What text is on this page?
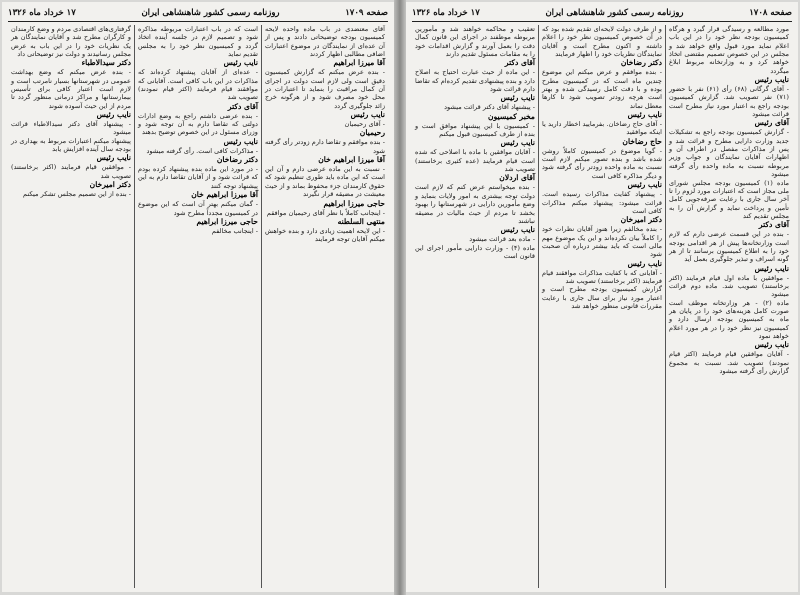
صفحه ۱۷۰۹
روزنامه رسمی کشور شاهنشاهی ایران
۱۷ خرداد ماه ۱۳۲۶

آقای معتضدی در باب ماده واحده لایحه کمیسیون بودجه توضیحاتی دادند و پس از آن عده‌ای از نمایندگان در موضوع اعتبارات اضافی مطالبی اظهار کردند

آقا میرزا ابراهیم

- بنده عرض میکنم که گزارش کمیسیون دقیق است ولی لازم است دولت در اجرای آن کمال مراقبت را بنماید تا اعتبارات در محل خود مصرف شود و از هرگونه خرج زائد جلوگیری گردد

نایب رئیس

- آقای رحیمیان

رحیمیان

- بنده موافقم و تقاضا دارم زودتر رأی گرفته شود

آقا میرزا ابراهیم خان

- نسبت به این ماده عرضی دارم و آن این است که این ماده باید طوری تنظیم شود که حقوق کارمندان جزء محفوظ بماند و از حیث معیشت در مضیقه قرار نگیرند

حاجی میرزا ابراهیم

- اینجانب کاملاً با نظر آقای رحیمیان موافقم

منتهی السلطنه

- این لایحه اهمیت زیادی دارد و بنده خواهش میکنم آقایان توجه فرمایند

است که در باب اعتبارات مربوطه مذاکره شود و تصمیم لازم در جلسه آینده اتخاذ گردد و کمیسیون نظر خود را به مجلس تقدیم نماید

نایب رئیس

- عده‌ای از آقایان پیشنهاد کرده‌اند که مذاکرات در این باب کافی است. آقایانی که موافقند قیام فرمایند (اکثر قیام نمودند) تصویب شد

آقای دکتر

- بنده عرضی داشتم راجع به وضع ادارات دولتی که تقاضا دارم به آن توجه شود و وزرای مسئول در این خصوص توضیح بدهند

نایب رئیس

- مذاکرات کافی است. رأی گرفته میشود

دکتر رضاخان

- در مورد این ماده بنده پیشنهاد کرده بودم که قرائت شود و از آقایان تقاضا دارم به این پیشنهاد توجه کنند

آقا میرزا ابراهیم خان

- گمان میکنم بهتر آن است که این موضوع در کمیسیون مجدداً مطرح شود

حاجی میرزا ابراهیم

- اینجانب مخالفم

گرفتاری‌های اقتصادی مردم و وضع کارمندان و کارگران مطرح شد و آقایان نمایندگان هر یک نظریات خود را در این باب به عرض مجلس رسانیدند و دولت نیز توضیحاتی داد

دکتر سیدالاطباء

- بنده عرض میکنم که وضع بهداشت عمومی در شهرستانها بسیار نامرتب است و لازم است اعتبار کافی برای تأسیس بیمارستانها و مراکز درمانی منظور گردد تا مردم از این حیث آسوده شوند

نایب رئیس

- پیشنهاد آقای دکتر سیدالاطباء قرائت میشود

پیشنهاد میکنم اعتبارات مربوط به بهداری در بودجه سال آینده افزایش یابد

نایب رئیس

- موافقین قیام فرمایند (اکثر برخاستند) تصویب شد

دکتر امیرخان

- بنده از این تصمیم مجلس تشکر میکنم

صفحه ۱۷۰۸
روزنامه رسمی کشور شاهنشاهی ایران
۱۷ خرداد ماه ۱۳۲۶

مورد مطالعه و رسیدگی قرار گیرد و هرگاه کمیسیون بودجه نظر خود را در این باب اعلام نماید مورد قبول واقع خواهد شد و مجلس در این خصوص تصمیم مقتضی اتخاذ خواهد کرد و به وزارتخانه مربوط ابلاغ میگردد

نایب رئیس

- آقای گرگانی (۶۸) رأی (۶۱) نفر با حضور (۷۱) نفر تصویب شد. گزارش کمیسیون بودجه راجع به اعتبار مورد نیاز مطرح است قرائت میشود

آقای رئیس

- گزارش کمیسیون بودجه راجع به تشکیلات جدید وزارت دارایی مطرح و قرائت شد و پس از مذاکرات مفصل در اطراف آن و اظهارات آقایان نمایندگان و جواب وزیر مربوطه نسبت به ماده واحده رأی گرفته میشود

ماده (۱) کمیسیون بودجه مجلس شورای ملی مجاز است که اعتبارات مورد لزوم را تا آخر سال جاری با رعایت صرفه‌جویی کامل تأمین و پرداخت نماید و گزارش آن را به مجلس تقدیم کند

آقای دکتر

- بنده در این قسمت عرضی دارم که لازم است وزارتخانه‌ها پیش از هر اقدامی بودجه خود را به اطلاع کمیسیون برسانند تا از هر گونه اسراف و تبذیر جلوگیری بعمل آید

نایب رئیس

- موافقین با ماده اول قیام فرمایند (اکثر برخاستند) تصویب شد. ماده دوم قرائت میشود

ماده (۲) - هر وزارتخانه موظف است صورت کامل هزینه‌های خود را در پایان هر ماه به کمیسیون بودجه ارسال دارد و کمیسیون نیز نظر خود را در هر مورد اعلام خواهد نمود

نایب رئیس

- آقایان موافقین قیام فرمایند (اکثر قیام نمودند) تصویب شد. نسبت به مجموع گزارش رأی گرفته میشود

و از طرف دولت لایحه‌ای تقدیم شده بود که در آن خصوص کمیسیون نظر خود را اعلام داشته و اکنون مطرح است و آقایان نمایندگان نظریات خود را اظهار فرمایند

دکتر رضاخان

- بنده موافقم و عرض میکنم این موضوع چندین ماه است که در کمیسیون مطرح بوده و با دقت کامل رسیدگی شده و بهتر است هرچه زودتر تصویب شود تا کارها معطل نماند

نایب رئیس

- آقای حاج رضاخان. بفرمایید اخطار دارید یا اینکه موافقید

حاج رضاخان

- گویا موضوع در کمیسیون کاملاً روشن شده باشد و بنده تصور میکنم لازم است نسبت به ماده واحده زودتر رأی گرفته شود و دیگر مذاکره کافی است

نایب رئیس

- پیشنهاد کفایت مذاکرات رسیده است. قرائت میشود: پیشنهاد میکنم مذاکرات کافی است

دکتر امیرخان

- بنده مخالفم زیرا هنوز آقایان نظرات خود را کاملاً بیان نکرده‌اند و این یک موضوع مهم مالی است که باید بیشتر درباره آن صحبت شود

نایب رئیس

- آقایانی که با کفایت مذاکرات موافقند قیام فرمایند (اکثر برخاستند) تصویب شد

گزارش کمیسیون بودجه مطرح است و اعتبار مورد نیاز برای سال جاری با رعایت مقررات قانونی منظور خواهد شد

تعقیب و محاکمه خواهند شد و مأمورین مربوطه موظفند در اجرای این قانون کمال دقت را بعمل آورند و گزارش اقدامات خود را به مقامات مسئول تقدیم دارند

آقای دکتر

- این ماده از حیث عبارت احتیاج به اصلاح دارد و بنده پیشنهادی تقدیم کرده‌ام که تقاضا دارم قرائت شود

نایب رئیس

- پیشنهاد آقای دکتر قرائت میشود

مخبر کمیسیون

- کمیسیون با این پیشنهاد موافق است و بنده از طرف کمیسیون قبول میکنم

نایب رئیس

- آقایان موافقین با ماده با اصلاحی که شده است قیام فرمایند (عده کثیری برخاستند) تصویب شد

آقای اردلان

- بنده میخواستم عرض کنم که لازم است دولت توجه بیشتری به امور ولایات بنماید و وضع مأمورین دارایی در شهرستانها را بهبود بخشد تا مردم از حیث مالیات در مضیقه نباشند

نایب رئیس

- ماده بعد قرائت میشود

ماده (۴) - وزارت دارایی مأمور اجرای این قانون است
